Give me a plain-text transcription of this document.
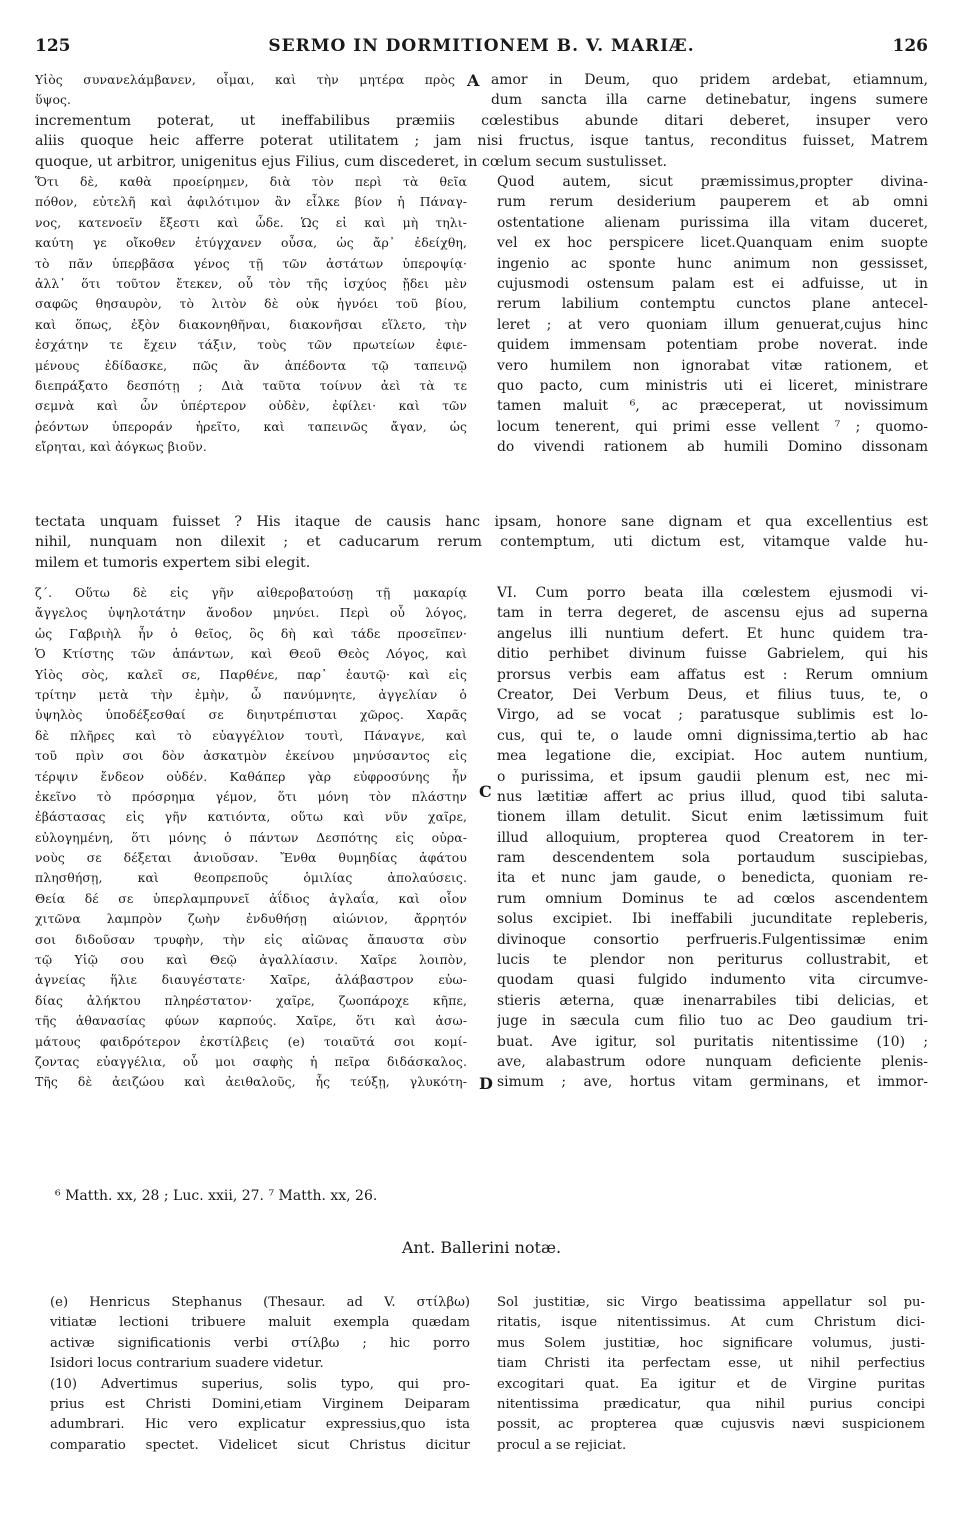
125	SERMO IN DORMITIONEM B. V. MARIÆ.	126
Υἱὸς συνανελάμβανεν, οἶμαι, καὶ τὴν μητέρα πρὸς
ὕψος.
A amor in Deum, quo pridem ardebat, etiamnum,
dum sancta illa carne detinebatur, ingens sumere
incrementum poterat, ut ineffabilibus præmiis cœlestibus abunde ditari deberet, insuper vero
aliis quoque heic afferre poterat utilitatem ; jam nisi fructus, isque tantus, reconditus fuisset, Matrem
quoque, ut arbitror, unigenitus ejus Filius, cum discederet, in cœlum secum sustulisset.
Ὅτι δὲ, καθὰ προείρημεν, διὰ τὸν περὶ τὰ θεῖα
πόθον, εὐτελῆ καὶ ἀφιλότιμον ἂν εἷλκε βίον ἡ Πάναγ-
νος, κατενοεῖν ἔξεστι καὶ ὧδε. Ὡς εἰ καὶ μὴ τηλι-
καύτη γε οἴκοθεν ἐτύγχανεν οὖσα, ὡς ἄρ᾽ ἐδείχθη,
τὸ πᾶν ὑπερβᾶσα γένος τῇ τῶν ἀστάτων ὑπεροψίᾳ·
ἀλλ᾽ ὅτι τοῦτον ἔτεκεν, οὗ τὸν τῆς ἰσχύος ᾔδει μὲν
σαφῶς θησαυρὸν, τὸ λιτὸν δὲ οὐκ ἠγνόει τοῦ βίου,
καὶ ὅπως, ἐξὸν διακονηθῆναι, διακονῆσαι εἵλετο, τὴν
ἐσχάτην τε ἔχειν τάξιν, τοὺς τῶν πρωτείων ἐφιε-
μένους ἐδίδασκε, πῶς ἂν ἀπέδοντα τῷ ταπεινῷ
διεπράξατο δεσπότῃ ; Διὰ ταῦτα τοίνυν ἀεὶ τὰ τε
σεμνὰ καὶ ὧν ὑπέρτερον οὐδὲν, ἐφίλει· καὶ τῶν
ῥεόντων ὑπεροράν ἡρεῖτο, καὶ ταπεινῶς ἄγαν, ὡς
εἴρηται, καὶ ἀόγκως βιοῦν.
Quod autem, sicut præmissimus,propter divina-
rum rerum desiderium pauperem et ab omni
ostentatione alienam purissima illa vitam duceret,
vel ex hoc perspicere licet.Quanquam enim suopte
ingenio ac sponte hunc animum non gessisset,
cujusmodi ostensum palam est ei adfuisse, ut in
rerum labilium contemptu cunctos plane antecel-
leret ; at vero quoniam illum genuerat,cujus hinc
quidem immensam potentiam probe noverat. inde
vero humilem non ignorabat vitæ rationem, et
quo pacto, cum ministris uti ei liceret, ministrare
tamen maluit ⁶, ac præceperat, ut novissimum
locum tenerent, qui primi esse vellent ⁷ ; quomo-
do vivendi rationem ab humili Domino dissonam
tectata unquam fuisset ? His itaque de causis hanc ipsam, honore sane dignam et qua excellentius est
nihil, nunquam non dilexit ; et caducarum rerum contemptum, uti dictum est, vitamque valde hu-
milem et tumoris expertem sibi elegit.
ζ´. Οὕτω δὲ εἰς γῆν αἰθεροβατούσῃ τῇ μακαρίᾳ
ἄγγελος ὑψηλοτάτην ἄνοδον μηνύει. Περὶ οὗ λόγος,
ὡς Γαβριὴλ ἦν ὁ θεῖος, ὃς δὴ καὶ τάδε προσεῖπεν·
Ὁ Κτίστης τῶν ἁπάντων, καὶ Θεοῦ Θεὸς Λόγος, καὶ
Υἱὸς σὸς, καλεῖ σε, Παρθένε, παρ᾽ ἑαυτῷ· καὶ εἰς
τρίτην μετὰ τὴν ἐμὴν, ὦ πανύμνητε, ἀγγελίαν ὁ
ὑψηλὸς ὑποδέξεσθαί σε διηυτρέπισται χῶρος. Χαρᾶς
δὲ πλῆρες καὶ τὸ εὐαγγέλιον τουτὶ, Πάναγνε, καὶ
τοῦ πρὶν σοι δὸν ἀσκατμὸν ἐκείνου μηνύσαντος εἰς
τέρψιν ἔνδεον οὐδέν. Καθάπερ γὰρ εὐφροσύνης ἦν
ἐκεῖνο τὸ πρόσρημα γέμον, ὅτι μόνη τὸν πλάστην
ἐβάστασας εἰς γῆν κατιόντα, οὕτω καὶ νῦν χαῖρε,
εὐλογημένη, ὅτι μόνης ὁ πάντων Δεσπότης εἰς οὐρα-
νοὺς σε δέξεται ἀνιοῦσαν. Ἔνθα θυμηδίας ἀφάτου
πλησθήσῃ, καὶ θεοπρεποῦς ὁμιλίας ἀπολαύσεις.
Θεία δέ σε ὑπερλαμπρυνεῖ ἀΐδιος ἀγλαΐα, καὶ οἷον
χιτῶνα λαμπρὸν ζωὴν ἐνδυθήσῃ αἰώνιον, ἄρρητόν
σοι διδοῦσαν τρυφὴν, τὴν εἰς αἰῶνας ἄπαυστα σὺν
τῷ Υἱῷ σου καὶ Θεῷ ἀγαλλίασιν. Χαῖρε λοιπὸν,
ἁγνείας ἥλιε διαυγέστατε· Χαῖρε, ἀλάβαστρον εὐω-
δίας ἀλήκτου πληρέστατον· χαῖρε, ζωοπάροχε κῆπε,
τῆς ἀθανασίας φύων καρπούς. Χαῖρε, ὅτι καὶ ἀσω-
μάτους φαιδρότερον ἐκστίλβεις (e) τοιαῦτά σοι κομί-
ζοντας εὐαγγέλια, οὗ μοι σαφὴς ἡ πεῖρα διδάσκαλος.
Τῆς δὲ ἀειζώου καὶ ἀειθαλοῦς, ἧς τεύξῃ, γλυκότη-
C
D
VI. Cum porro beata illa cœlestem ejusmodi vi-
tam in terra degeret, de ascensu ejus ad superna
angelus illi nuntium defert. Et hunc quidem tra-
ditio perhibet divinum fuisse Gabrielem, qui his
prorsus verbis eam affatus est : Rerum omnium
Creator, Dei Verbum Deus, et filius tuus, te, o
Virgo, ad se vocat ; paratusque sublimis est lo-
cus, qui te, o laude omni dignissima,tertio ab hac
mea legatione die, excipiat. Hoc autem nuntium,
o purissima, et ipsum gaudii plenum est, nec mi-
nus lætitiæ affert ac prius illud, quod tibi saluta-
tionem illam detulit. Sicut enim lætissimum fuit
illud alloquium, propterea quod Creatorem in ter-
ram descendentem sola portaudum suscipiebas,
ita et nunc jam gaude, o benedicta, quoniam re-
rum omnium Dominus te ad cœlos ascendentem
solus excipiet. Ibi ineffabili jucunditate repleberis,
divinoque consortio perfrueris.Fulgentissimæ enim
lucis te plendor non periturus collustrabit, et
quodam quasi fulgido indumento vita circumve-
stieris æterna, quæ inenarrabiles tibi delicias, et
juge in sæcula cum filio tuo ac Deo gaudium tri-
buat. Ave igitur, sol puritatis nitentissime (10) ;
ave, alabastrum odore nunquam deficiente plenis-
simum ; ave, hortus vitam germinans, et immor-
⁶ Matth. xx, 28 ; Luc. xxii, 27. ⁷ Matth. xx, 26.
Ant. Ballerini notæ.
(e) Henricus Stephanus (Thesaur. ad V. στίλβω)
vitiatæ lectioni tribuere maluit exempla quædam
activæ significationis verbi στίλβω ; hic porro
Isidori locus contrarium suadere videtur.
(10) Advertimus superius, solis typo, qui pro-
prius est Christi Domini,etiam Virginem Deiparam
adumbrari. Hic vero explicatur expressius,quo ista
comparatio spectet. Videlicet sicut Christus dicitur
Sol justitiæ, sic Virgo beatissima appellatur sol pu-
ritatis, isque nitentissimus. At cum Christum dici-
mus Solem justitiæ, hoc significare volumus, justi-
tiam Christi ita perfectam esse, ut nihil perfectius
excogitari quat. Ea igitur et de Virgine puritas
nitentissima prædicatur, qua nihil purius concipi
possit, ac propterea quæ cujusvis nævi suspicionem
procul a se rejiciat.
